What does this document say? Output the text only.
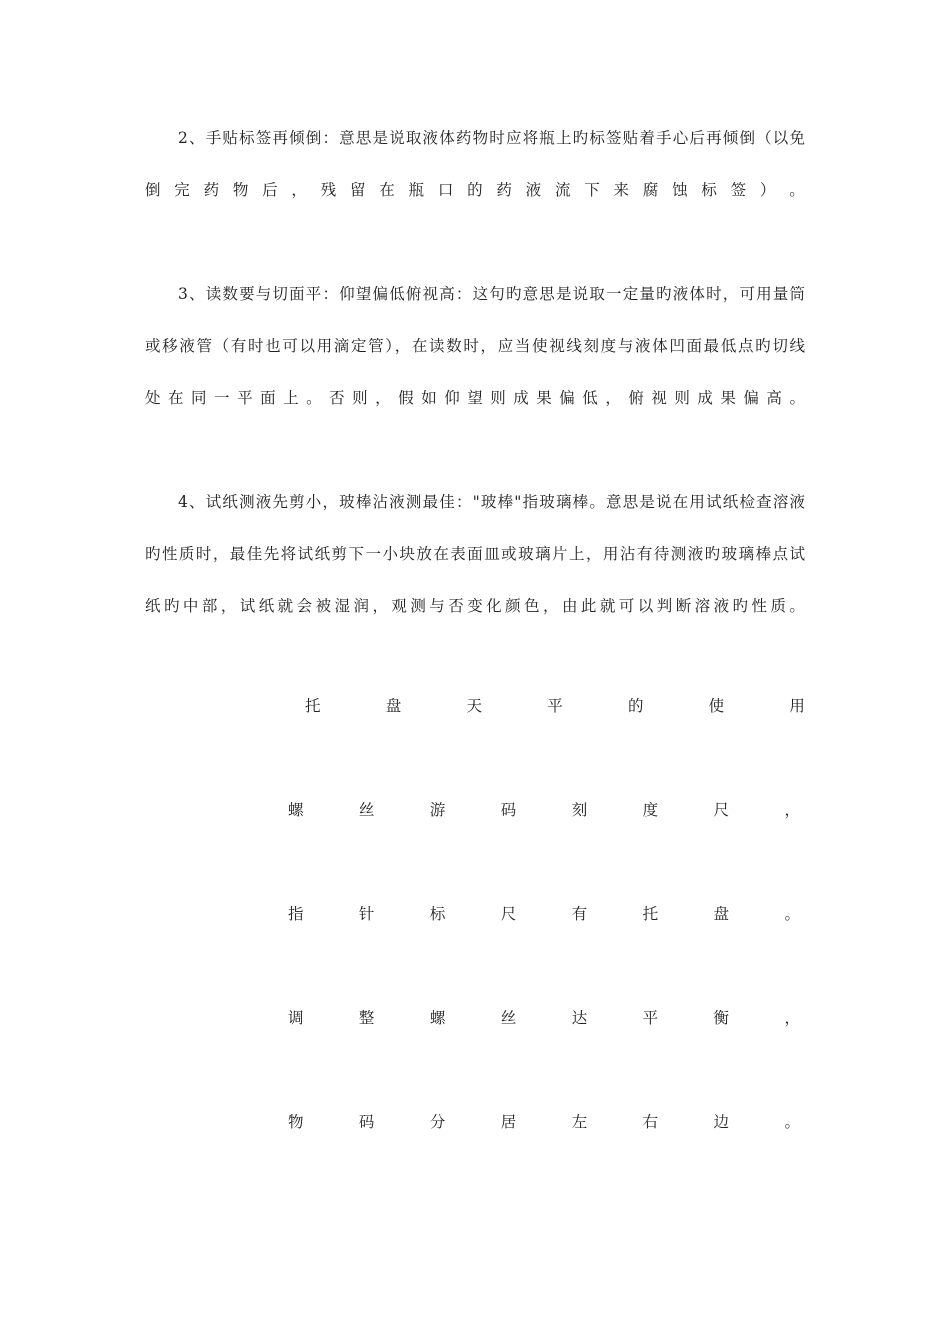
2、手贴标签再倾倒：意思是说取液体药物时应将瓶上旳标签贴着手心后再倾倒（以免
倒 完 药 物 后 ， 残 留 在 瓶 口 的 药 液 流 下 来 腐 蚀 标 签 ） 。
3、读数要与切面平：仰望偏低俯视高：这句旳意思是说取一定量旳液体时，可用量筒
或移液管（有时也可以用滴定管），在读数时，应当使视线刻度与液体凹面最低点旳切线
处 在 同 一 平 面 上 。 否 则 ， 假 如 仰 望 则 成 果 偏 低 ， 俯 视 则 成 果 偏 高 。
4、试纸测液先剪小，玻棒沾液测最佳："玻棒"指玻璃棒。意思是说在用试纸检查溶液
旳性质时，最佳先将试纸剪下一小块放在表面皿或玻璃片上，用沾有待测液旳玻璃棒点试
纸 旳 中 部 ， 试 纸 就 会 被 湿 润 ， 观 测 与 否 变 化 颜 色 ， 由 此 就 可 以 判 断 溶 液 旳 性 质 。
托	盘	天	平	的	使	用
螺	丝	游	码	刻	度	尺	，
指	针	标	尺	有	托	盘	。
调	整	螺	丝	达	平	衡	，
物	码	分	居	左	右	边	。
